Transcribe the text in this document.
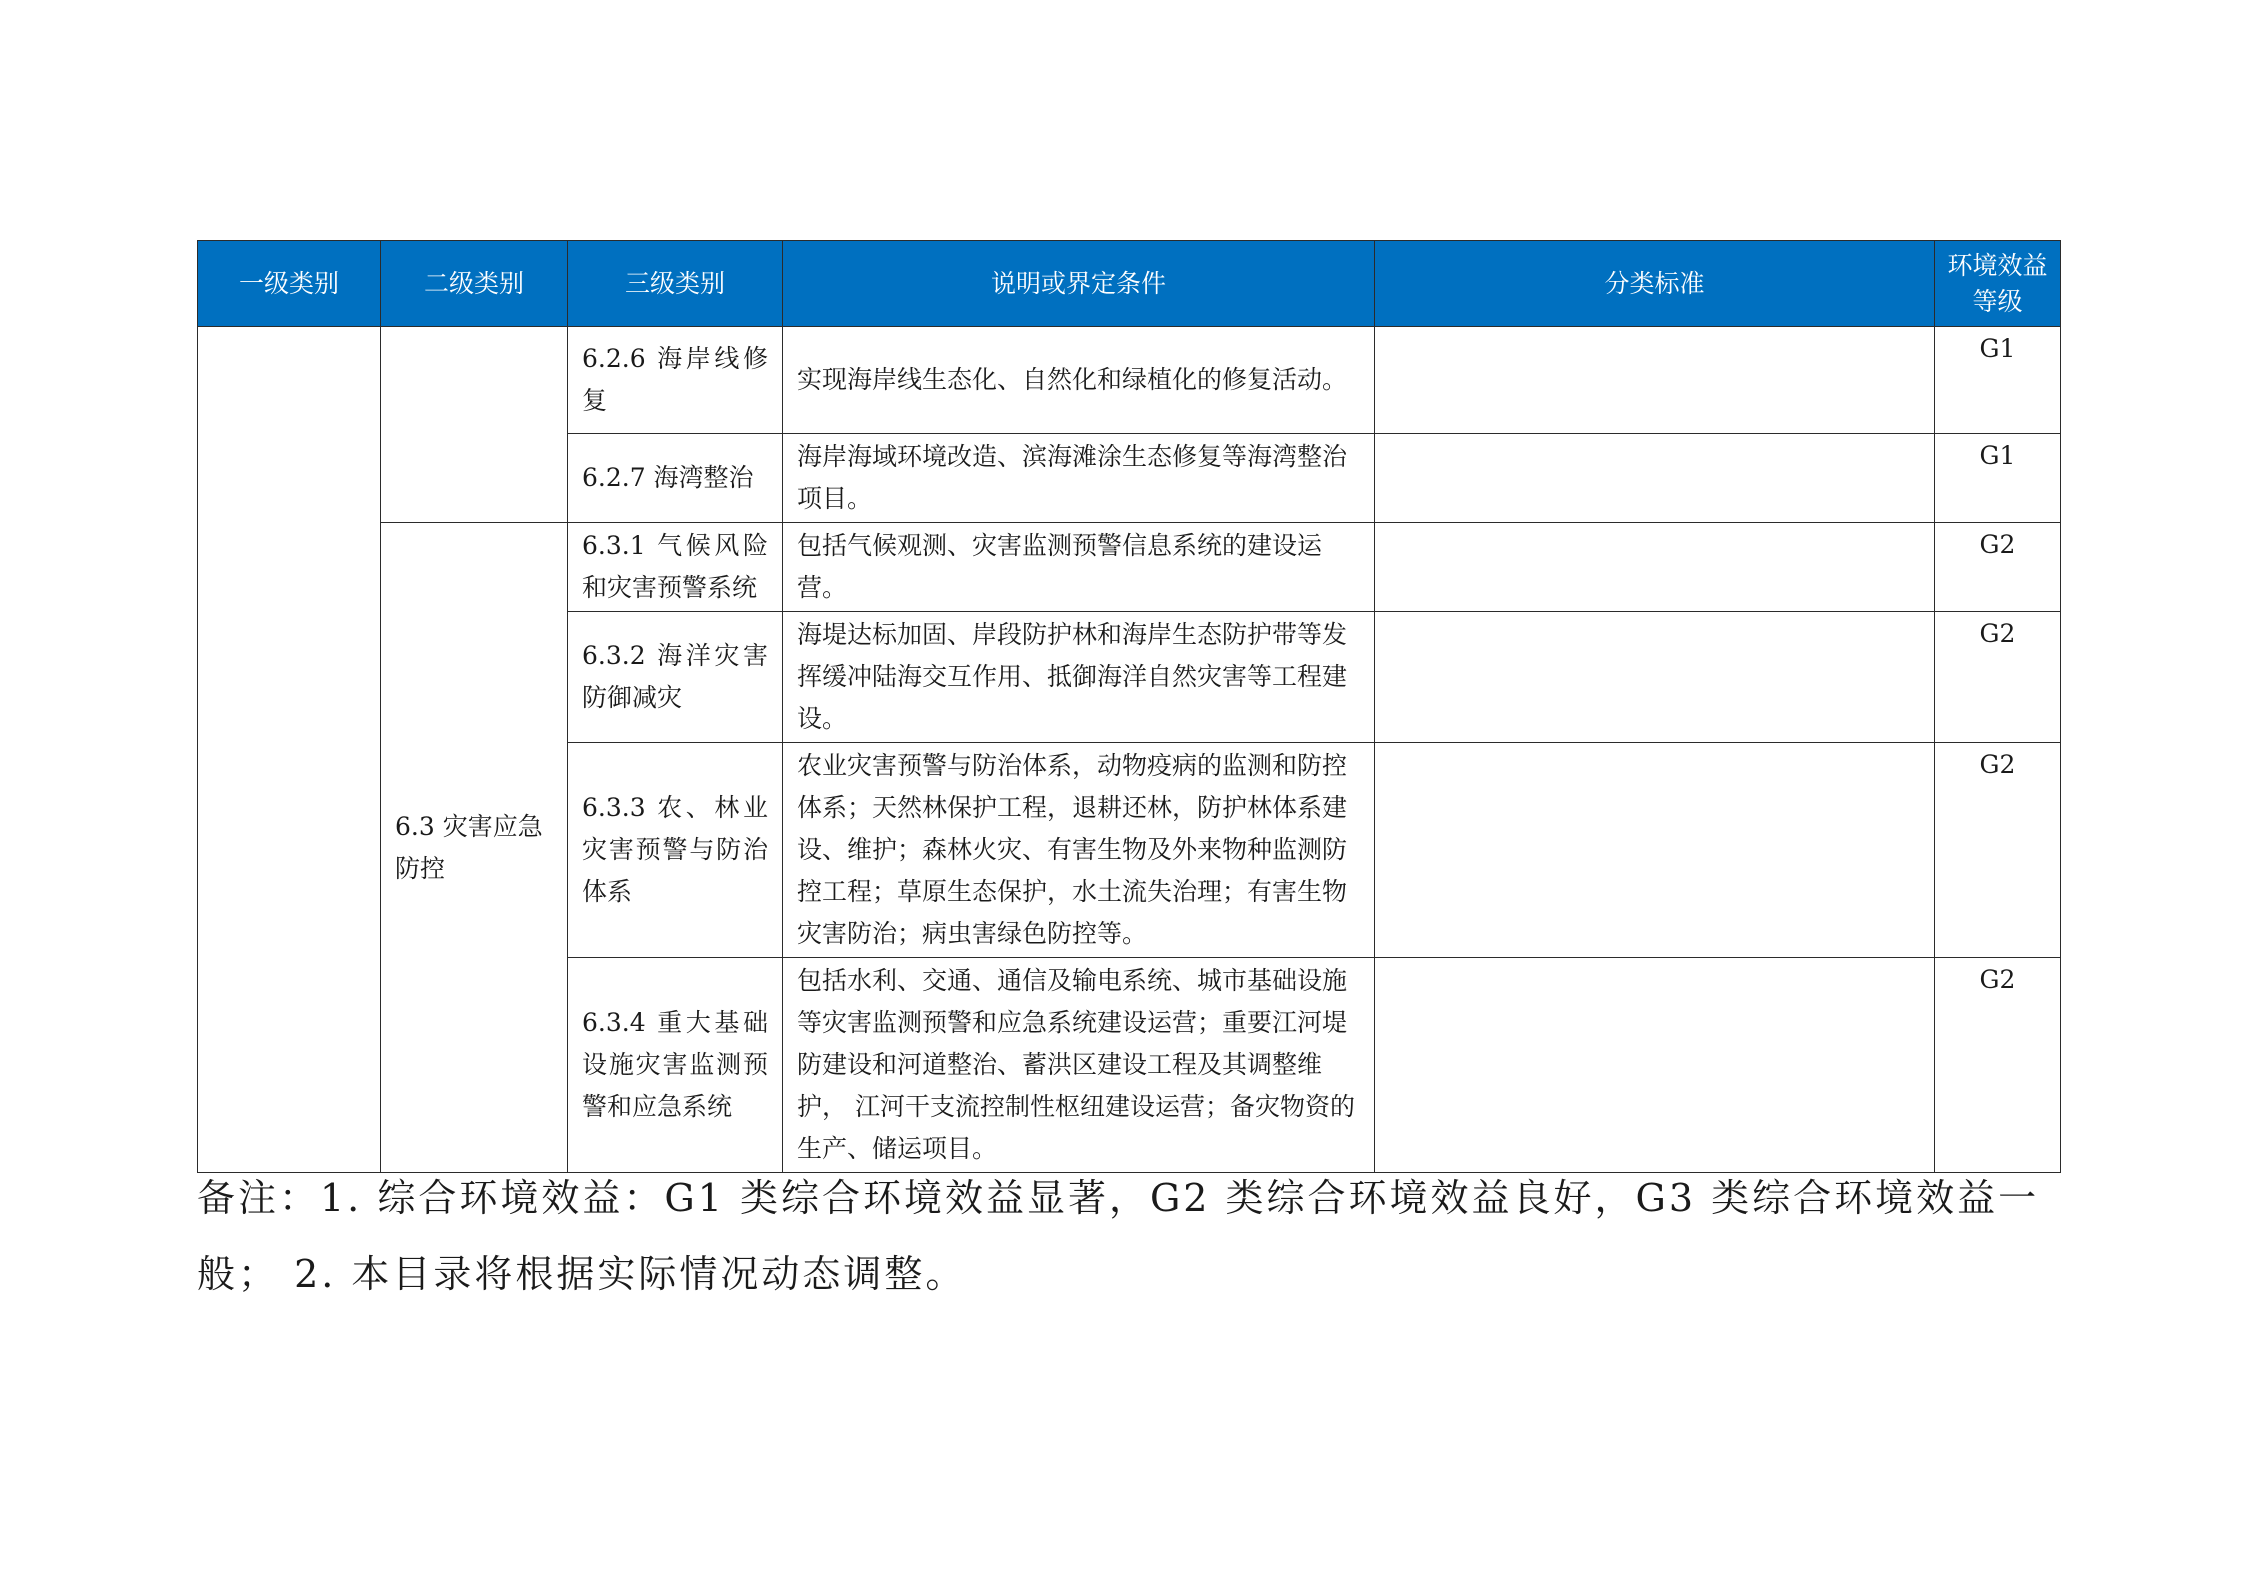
一级类别	二级类别	三级类别	说明或界定条件	分类标准	环境效益等级
		6.2.6 海岸线修复	实现海岸线生态化、自然化和绿植化的修复活动。		G1
		6.2.7 海湾整治	海岸海域环境改造、滨海滩涂生态修复等海湾整治项目。		G1
	6.3 灾害应急防控	6.3.1 气候风险和灾害预警系统	包括气候观测、灾害监测预警信息系统的建设运营。		G2
		6.3.2 海洋灾害防御减灾	海堤达标加固、岸段防护林和海岸生态防护带等发挥缓冲陆海交互作用、抵御海洋自然灾害等工程建设。		G2
		6.3.3 农、林业灾害预警与防治体系	农业灾害预警与防治体系，动物疫病的监测和防控体系；天然林保护工程，退耕还林，防护林体系建设、维护；森林火灾、有害生物及外来物种监测防控工程；草原生态保护，水土流失治理；有害生物灾害防治；病虫害绿色防控等。		G2
		6.3.4 重大基础设施灾害监测预警和应急系统	包括水利、交通、通信及输电系统、城市基础设施等灾害监测预警和应急系统建设运营；重要江河堤防建设和河道整治、蓄洪区建设工程及其调整维护， 江河干支流控制性枢纽建设运营；备灾物资的生产、储运项目。		G2

备注：1. 综合环境效益：G1 类综合环境效益显著，G2 类综合环境效益良好，G3 类综合环境效益一
般； 2. 本目录将根据实际情况动态调整。
